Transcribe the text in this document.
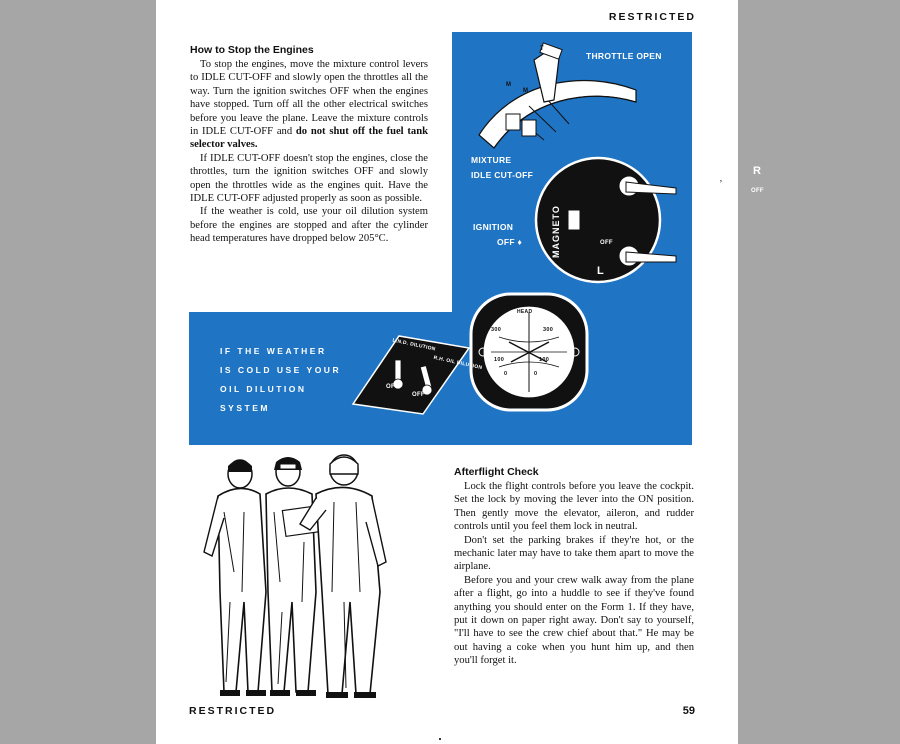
RESTRICTED
How to Stop the Engines

To stop the engines, move the mixture control levers to IDLE CUT-OFF and slowly open the throttles all the way. Turn the ignition switches OFF when the engines have stopped. Turn off all the other electrical switches before you leave the plane. Leave the mixture controls in IDLE CUT-OFF and do not shut off the fuel tank selector valves.

If IDLE CUT-OFF doesn't stop the engines, close the throttles, turn the ignition switches OFF and slowly open the throttles wide as the engines quit. Have the IDLE CUT-OFF adjusted properly as soon as possible.

If the weather is cold, use your oil dilution system before the engines are stopped and after the cylinder head temperatures have dropped below 205°C.

M
M
T
THROTTLE OPEN
MIXTURE
IDLE CUT-OFF
IGNITION
OFF ♦	MAGNETO
L
R
OFF
OFF
CYL TEMP
HEAD
300	300
100	100
0	0
L.N.D. DILUTION
R.H. OIL DILUTION
OFF
OFF
IF THE WEATHER
IS COLD USE YOUR
OIL DILUTION
SYSTEM
Afterflight Check

Lock the flight controls before you leave the cockpit. Set the lock by moving the lever into the ON position. Then gently move the elevator, aileron, and rudder controls until you feel them lock in neutral.

Don't set the parking brakes if they're hot, or the mechanic later may have to take them apart to move the airplane.

Before you and your crew walk away from the plane after a flight, go into a huddle to see if they've found anything you should enter on the Form 1. If they have, put it down on paper right away. Don't say to yourself, "I'll have to see the crew chief about that." He may be out having a coke when you hunt him up, and then you'll forget it.

RESTRICTED	59
’
